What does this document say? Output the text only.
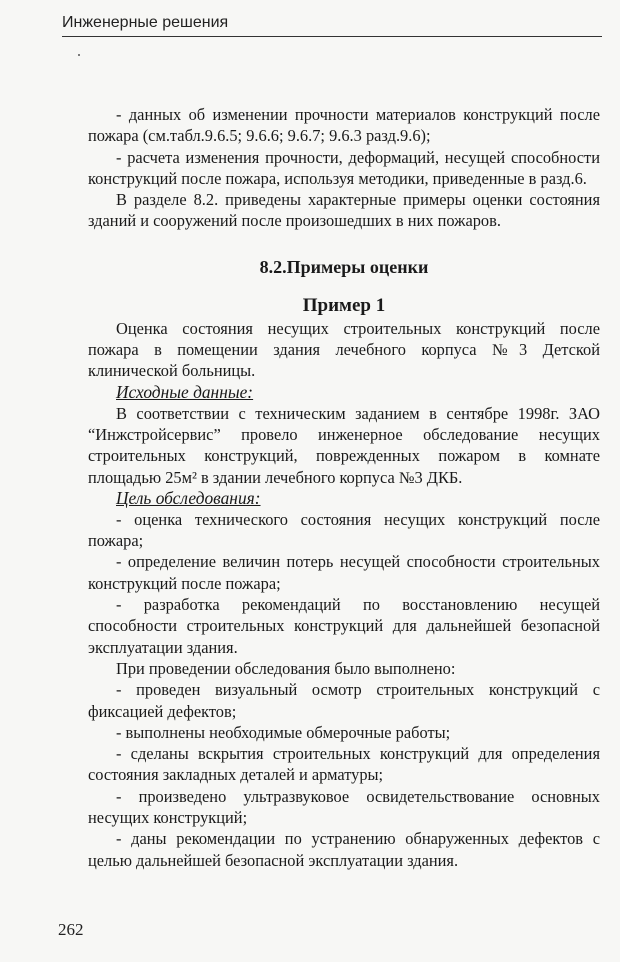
Инженерные решения

- данных об изменении прочности материалов конструкций после пожара (см.табл.9.6.5; 9.6.6; 9.6.7; 9.6.3 разд.9.6);

- расчета изменения прочности, деформаций, несущей способности конструкций после пожара, используя методики, приведенные в разд.6.

В разделе 8.2. приведены характерные примеры оценки состояния зданий и сооружений после произошедших в них пожаров.

8.2.Примеры оценки
Пример 1

Оценка состояния несущих строительных конструкций после пожара в помещении здания лечебного корпуса №3 Детской клинической больницы.

Исходные данные:

В соответствии с техническим заданием в сентябре 1998г. ЗАО “Инжстройсервис” провело инженерное обследование несущих строительных конструкций, поврежденных пожаром в комнате площадью 25м² в здании лечебного корпуса №3 ДКБ.

Цель обследования:

- оценка технического состояния несущих конструкций после пожара;

- определение величин потерь несущей способности строительных конструкций после пожара;

- разработка рекомендаций по восстановлению несущей способности строительных конструкций для дальнейшей безопасной эксплуатации здания.

При проведении обследования было выполнено:

- проведен визуальный осмотр строительных конструкций с фиксацией дефектов;

- выполнены необходимые обмерочные работы;

- сделаны вскрытия строительных конструкций для определения состояния закладных деталей и арматуры;

- произведено ультразвуковое освидетельствование основных несущих конструкций;

- даны рекомендации по устранению обнаруженных дефектов с целью дальнейшей безопасной эксплуатации здания.

262
